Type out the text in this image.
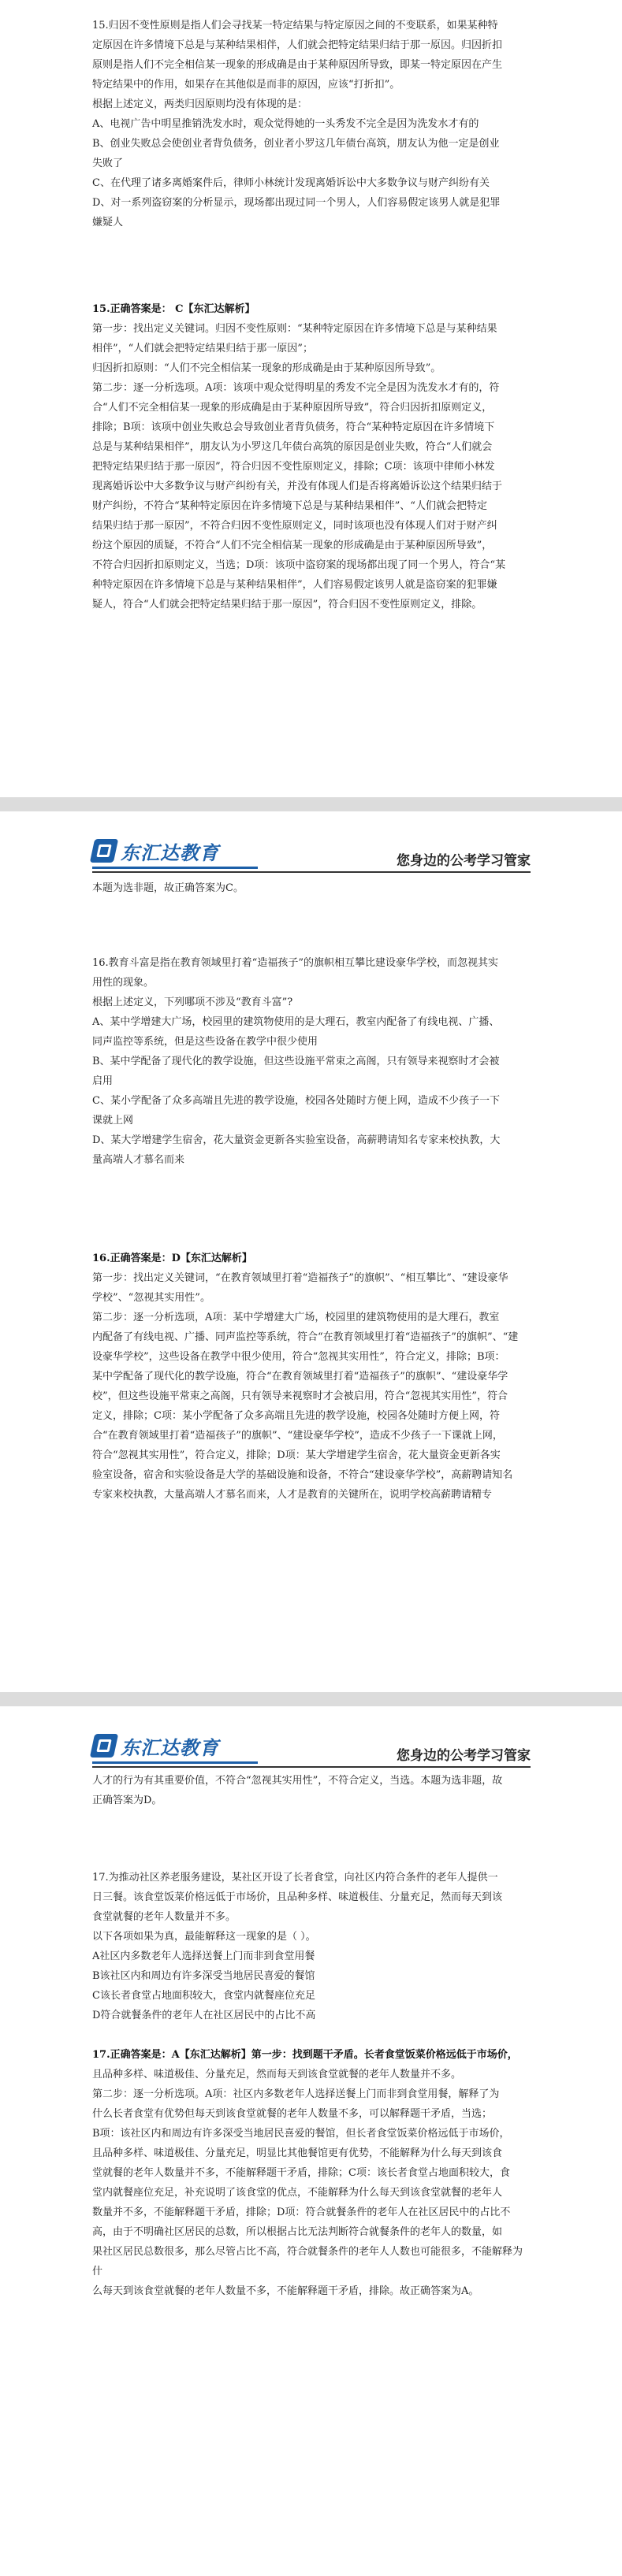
15.归因不变性原则是指人们会寻找某一特定结果与特定原因之间的不变联系，如果某种特

定原因在许多情境下总是与某种结果相伴，人们就会把特定结果归结于那一原因。归因折扣

原则是指人们不完全相信某一现象的形成确是由于某种原因所导致，即某一特定原因在产生

特定结果中的作用，如果存在其他似是而非的原因，应该“打折扣”。

根据上述定义，两类归因原则均没有体现的是：

A、电视广告中明星推销洗发水时，观众觉得她的一头秀发不完全是因为洗发水才有的

B、创业失败总会使创业者背负债务，创业者小罗这几年债台高筑，朋友认为他一定是创业

失败了

C、在代理了诸多离婚案件后，律师小林统计发现离婚诉讼中大多数争议与财产纠纷有关

D、对一系列盗窃案的分析显示，现场都出现过同一个男人，人们容易假定该男人就是犯罪

嫌疑人

15.正确答案是： C【东汇达解析】

第一步：找出定义关键词。归因不变性原则：“某种特定原因在许多情境下总是与某种结果

相伴”，“人们就会把特定结果归结于那一原因”；

归因折扣原则：“人们不完全相信某一现象的形成确是由于某种原因所导致”。

第二步：逐一分析选项。A项：该项中观众觉得明星的秀发不完全是因为洗发水才有的，符

合“人们不完全相信某一现象的形成确是由于某种原因所导致”，符合归因折扣原则定义，

排除；B项：该项中创业失败总会导致创业者背负债务，符合“某种特定原因在许多情境下

总是与某种结果相伴”，朋友认为小罗这几年债台高筑的原因是创业失败，符合“人们就会

把特定结果归结于那一原因”，符合归因不变性原则定义，排除；C项：该项中律师小林发

现离婚诉讼中大多数争议与财产纠纷有关，并没有体现人们是否将离婚诉讼这个结果归结于

财产纠纷，不符合“某种特定原因在许多情境下总是与某种结果相伴”、“人们就会把特定

结果归结于那一原因”，不符合归因不变性原则定义，同时该项也没有体现人们对于财产纠

纷这个原因的质疑，不符合“人们不完全相信某一现象的形成确是由于某种原因所导致”，

不符合归因折扣原则定义，当选；D项：该项中盗窃案的现场都出现了同一个男人，符合“某

种特定原因在许多情境下总是与某种结果相伴”，人们容易假定该男人就是盗窃案的犯罪嫌

疑人，符合“人们就会把特定结果归结于那一原因”，符合归因不变性原则定义，排除。

东汇达教育	您身边的公考学习管家

本题为选非题，故正确答案为C。

16.教育斗富是指在教育领域里打着“造福孩子”的旗帜相互攀比建设豪华学校，而忽视其实

用性的现象。

根据上述定义，下列哪项不涉及“教育斗富”?

A、某中学增建大广场，校园里的建筑物使用的是大理石，教室内配备了有线电视、广播、

同声监控等系统，但是这些设备在教学中很少使用

B、某中学配备了现代化的教学设施，但这些设施平常束之高阁，只有领导来视察时才会被

启用

C、某小学配备了众多高端且先进的教学设施，校园各处随时方便上网，造成不少孩子一下

课就上网

D、某大学增建学生宿舍，花大量资金更新各实验室设备，高薪聘请知名专家来校执教，大

量高端人才慕名而来

16.正确答案是：D【东汇达解析】

第一步：找出定义关键词，“在教育领域里打着“造福孩子”的旗帜”、“相互攀比”、“建设豪华

学校”、“忽视其实用性”。

第二步：逐一分析选项，A项：某中学增建大广场，校园里的建筑物使用的是大理石，教室

内配备了有线电视、广播、同声监控等系统，符合“在教育领域里打着“造福孩子”的旗帜”、“建

设豪华学校”，这些设备在教学中很少使用，符合“忽视其实用性”，符合定义，排除；B项：

某中学配备了现代化的教学设施，符合“在教育领域里打着“造福孩子”的旗帜”、“建设豪华学

校”，但这些设施平常束之高阁，只有领导来视察时才会被启用，符合“忽视其实用性”，符合

定义，排除；C项：某小学配备了众多高端且先进的教学设施，校园各处随时方便上网，符

合“在教育领域里打着“造福孩子”的旗帜”、“建设豪华学校”，造成不少孩子一下课就上网，

符合“忽视其实用性”，符合定义，排除；D项：某大学增建学生宿舍，花大量资金更新各实

验室设备，宿舍和实验设备是大学的基础设施和设备，不符合“建设豪华学校”，高薪聘请知名

专家来校执教，大量高端人才慕名而来，人才是教育的关键所在，说明学校高薪聘请精专

东汇达教育	您身边的公考学习管家

人才的行为有其重要价值，不符合“忽视其实用性”，不符合定义，当选。本题为选非题，故

正确答案为D。

17.为推动社区养老服务建设，某社区开设了长者食堂，向社区内符合条件的老年人提供一

日三餐。该食堂饭菜价格远低于市场价，且品种多样、味道极佳、分量充足，然而每天到该

食堂就餐的老年人数量并不多。

以下各项如果为真，最能解释这一现象的是（ ）。

A社区内多数老年人选择送餐上门而非到食堂用餐

B该社区内和周边有许多深受当地居民喜爱的餐馆

C该长者食堂占地面积较大，食堂内就餐座位充足

D符合就餐条件的老年人在社区居民中的占比不高

17.正确答案是：A【东汇达解析】第一步：找到题干矛盾。长者食堂饭菜价格远低于市场价，

且品种多样、味道极佳、分量充足，然而每天到该食堂就餐的老年人数量并不多。

第二步：逐一分析选项。A项：社区内多数老年人选择送餐上门而非到食堂用餐，解释了为

什么长者食堂有优势但每天到该食堂就餐的老年人数量不多，可以解释题干矛盾，当选；

B项：该社区内和周边有许多深受当地居民喜爱的餐馆，但长者食堂饭菜价格远低于市场价，

且品种多样、味道极佳、分量充足，明显比其他餐馆更有优势，不能解释为什么每天到该食

堂就餐的老年人数量并不多，不能解释题干矛盾，排除；C项：该长者食堂占地面积较大，食

堂内就餐座位充足，补充说明了该食堂的优点，不能解释为什么每天到该食堂就餐的老年人

数量并不多，不能解释题干矛盾，排除；D项：符合就餐条件的老年人在社区居民中的占比不

高，由于不明确社区居民的总数，所以根据占比无法判断符合就餐条件的老年人的数量，如

果社区居民总数很多，那么尽管占比不高，符合就餐条件的老年人人数也可能很多，不能解释为什

么每天到该食堂就餐的老年人数量不多，不能解释题干矛盾，排除。故正确答案为A。
